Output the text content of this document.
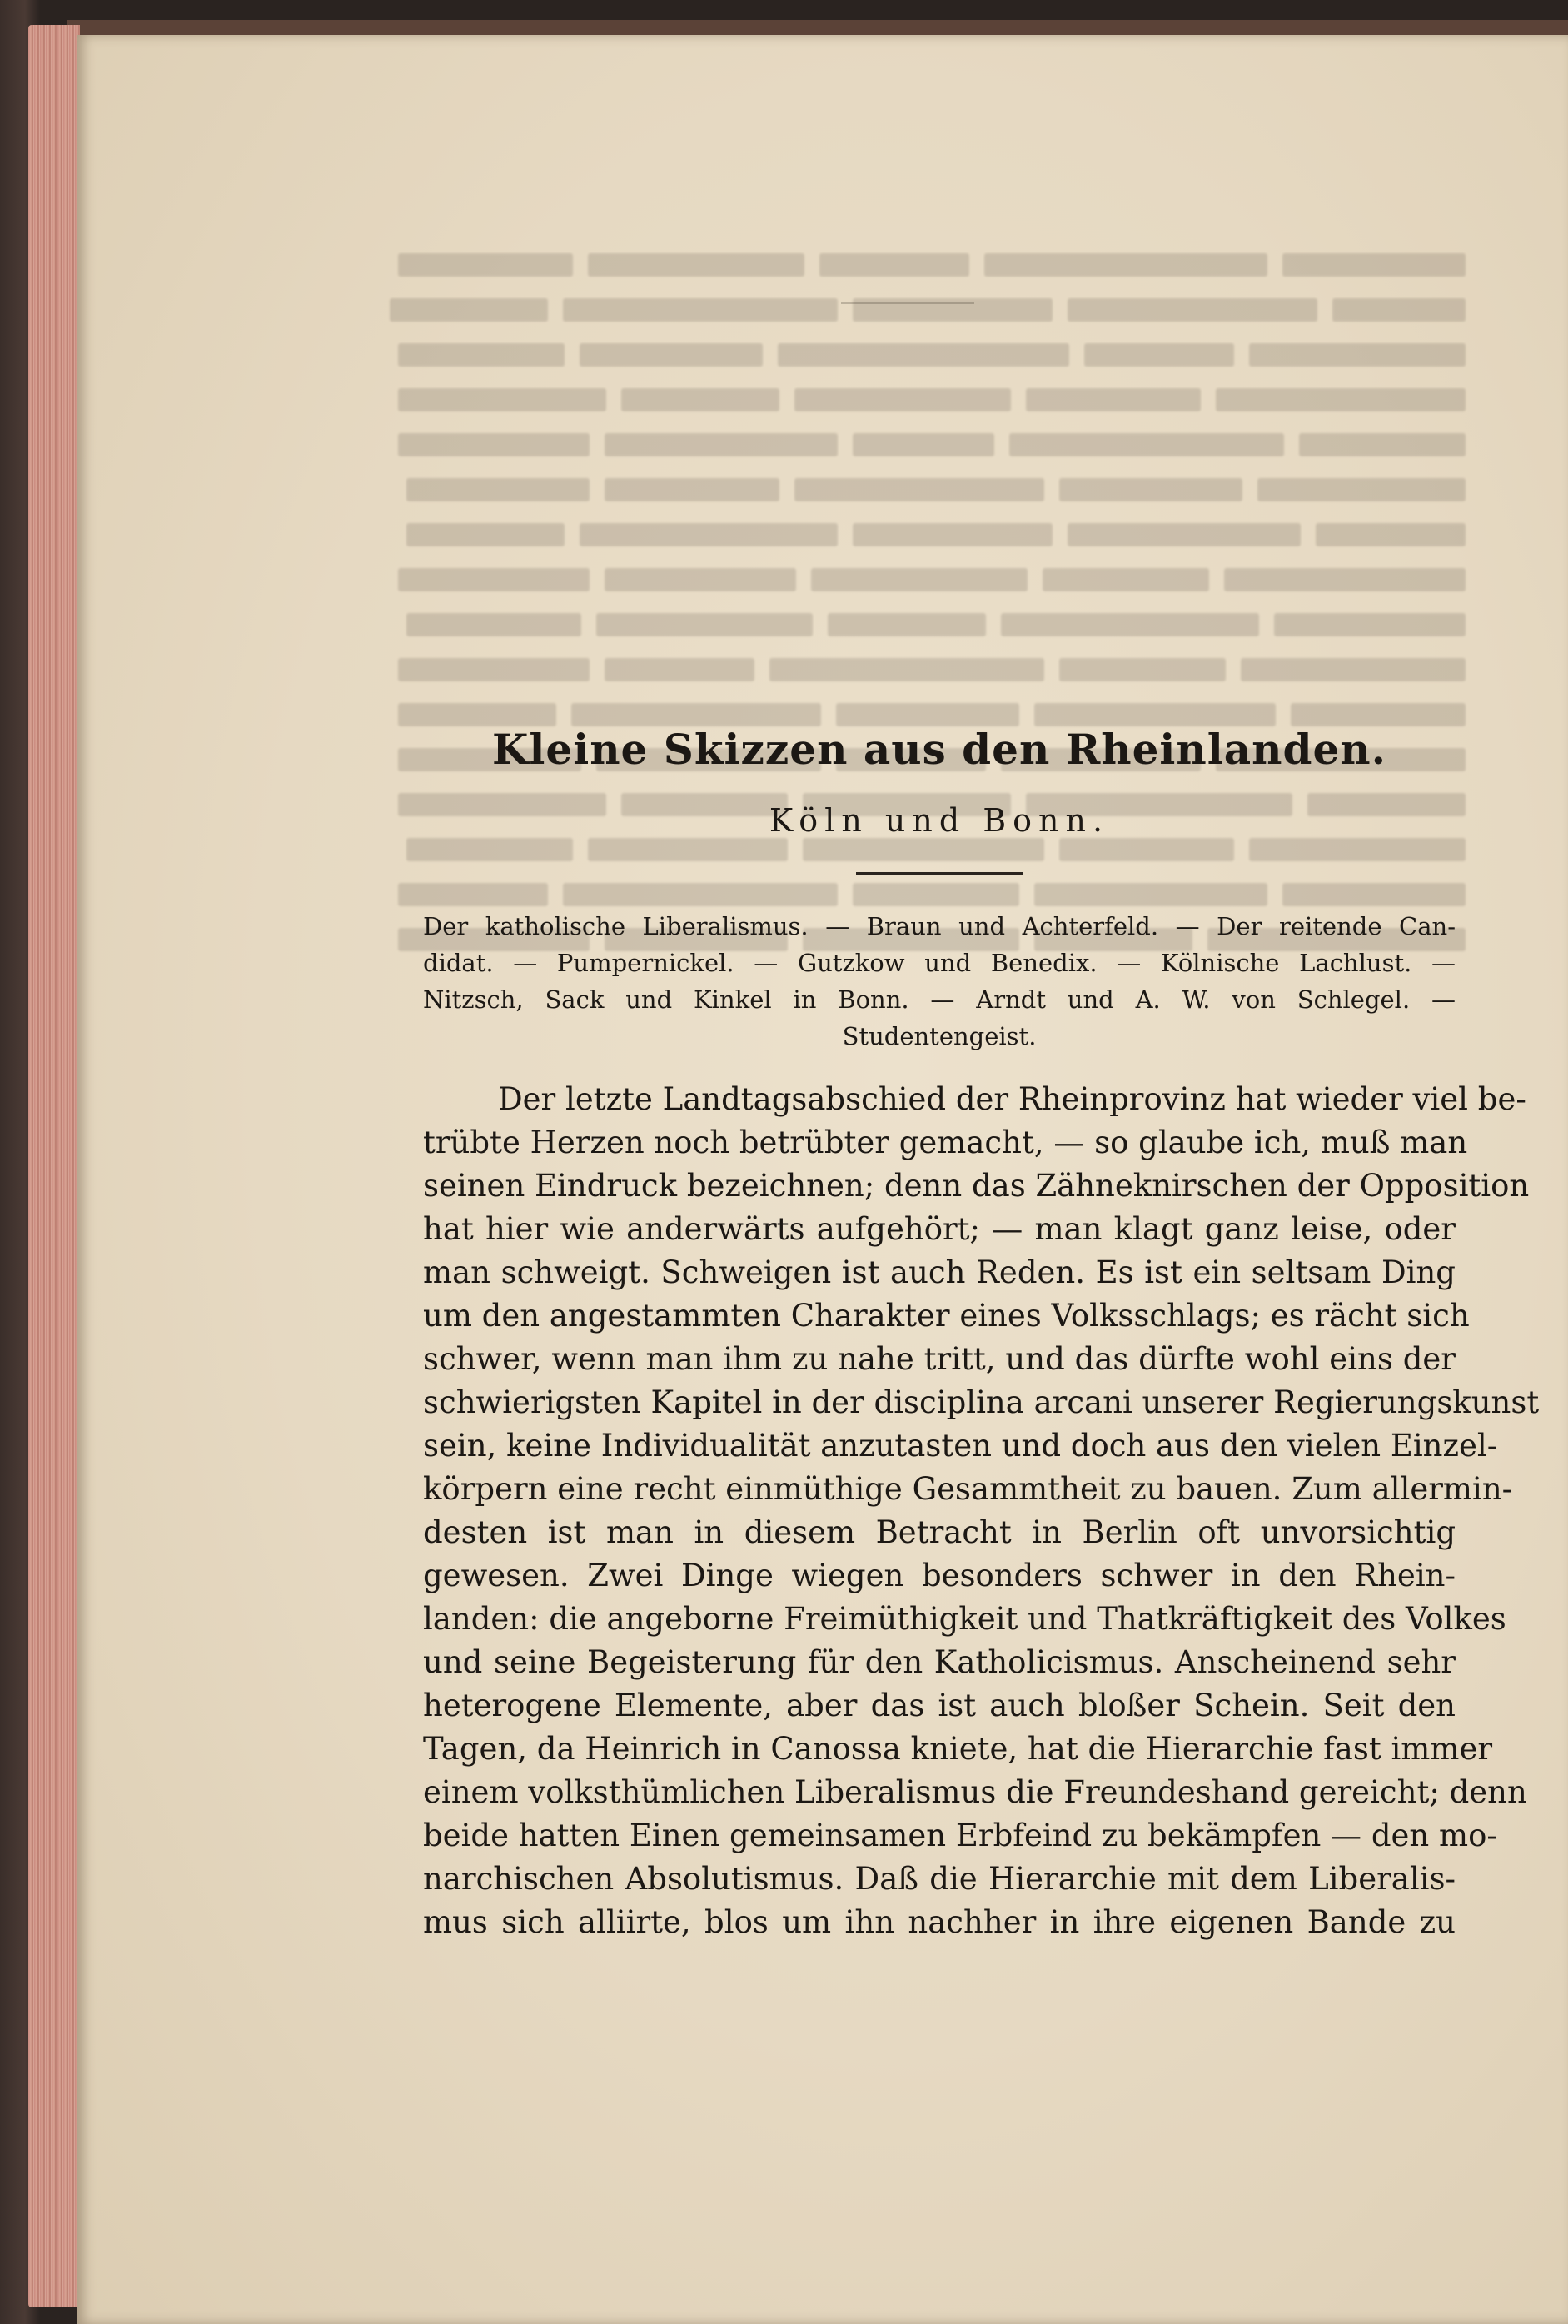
Kleine Skizzen aus den Rheinlanden.
Köln und Bonn.
Der katholische Liberalismus. — Braun und Achterfeld. — Der reitende Can-
didat. — Pumpernickel. — Gutzkow und Benedix. — Kölnische Lachlust. —
Nitzsch, Sack und Kinkel in Bonn. — Arndt und A. W. von Schlegel. —
Studentengeist.
Der letzte Landtagsabschied der Rheinprovinz hat wieder viel be-
trübte Herzen noch betrübter gemacht, — so glaube ich, muß man
seinen Eindruck bezeichnen; denn das Zähneknirschen der Opposition
hat hier wie anderwärts aufgehört; — man klagt ganz leise, oder
man schweigt. Schweigen ist auch Reden. Es ist ein seltsam Ding
um den angestammten Charakter eines Volksschlags; es rächt sich
schwer, wenn man ihm zu nahe tritt, und das dürfte wohl eins der
schwierigsten Kapitel in der disciplina arcani unserer Regierungskunst
sein, keine Individualität anzutasten und doch aus den vielen Einzel-
körpern eine recht einmüthige Gesammtheit zu bauen. Zum allermin-
desten ist man in diesem Betracht in Berlin oft unvorsichtig
gewesen. Zwei Dinge wiegen besonders schwer in den Rhein-
landen: die angeborne Freimüthigkeit und Thatkräftigkeit des Volkes
und seine Begeisterung für den Katholicismus. Anscheinend sehr
heterogene Elemente, aber das ist auch bloßer Schein. Seit den
Tagen, da Heinrich in Canossa kniete, hat die Hierarchie fast immer
einem volksthümlichen Liberalismus die Freundeshand gereicht; denn
beide hatten Einen gemeinsamen Erbfeind zu bekämpfen — den mo-
narchischen Absolutismus. Daß die Hierarchie mit dem Liberalis-
mus sich alliirte, blos um ihn nachher in ihre eigenen Bande zu
